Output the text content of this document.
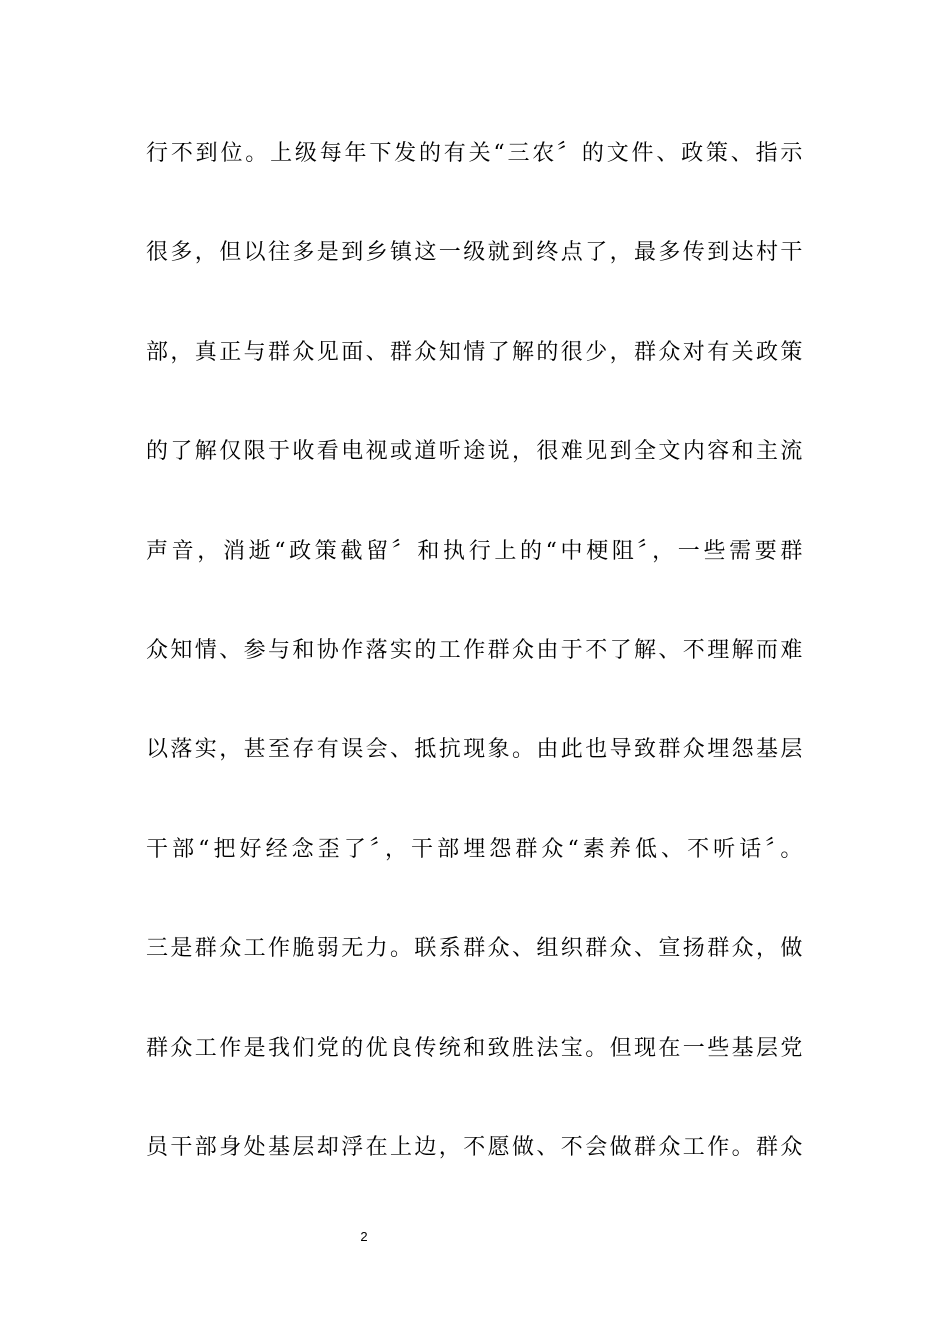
行不到位。上级每年下发的有关“三农〞的文件、政策、指示
很多，但以往多是到乡镇这一级就到终点了，最多传到达村干
部，真正与群众见面、群众知情了解的很少，群众对有关政策
的了解仅限于收看电视或道听途说，很难见到全文内容和主流
声音，消逝“政策截留〞和执行上的“中梗阻〞，一些需要群
众知情、参与和协作落实的工作群众由于不了解、不理解而难
以落实，甚至存有误会、抵抗现象。由此也导致群众埋怨基层
干部“把好经念歪了〞，干部埋怨群众“素养低、不听话〞。
三是群众工作脆弱无力。联系群众、组织群众、宣扬群众，做
群众工作是我们党的优良传统和致胜法宝。但现在一些基层党
员干部身处基层却浮在上边，不愿做、不会做群众工作。群众
2
